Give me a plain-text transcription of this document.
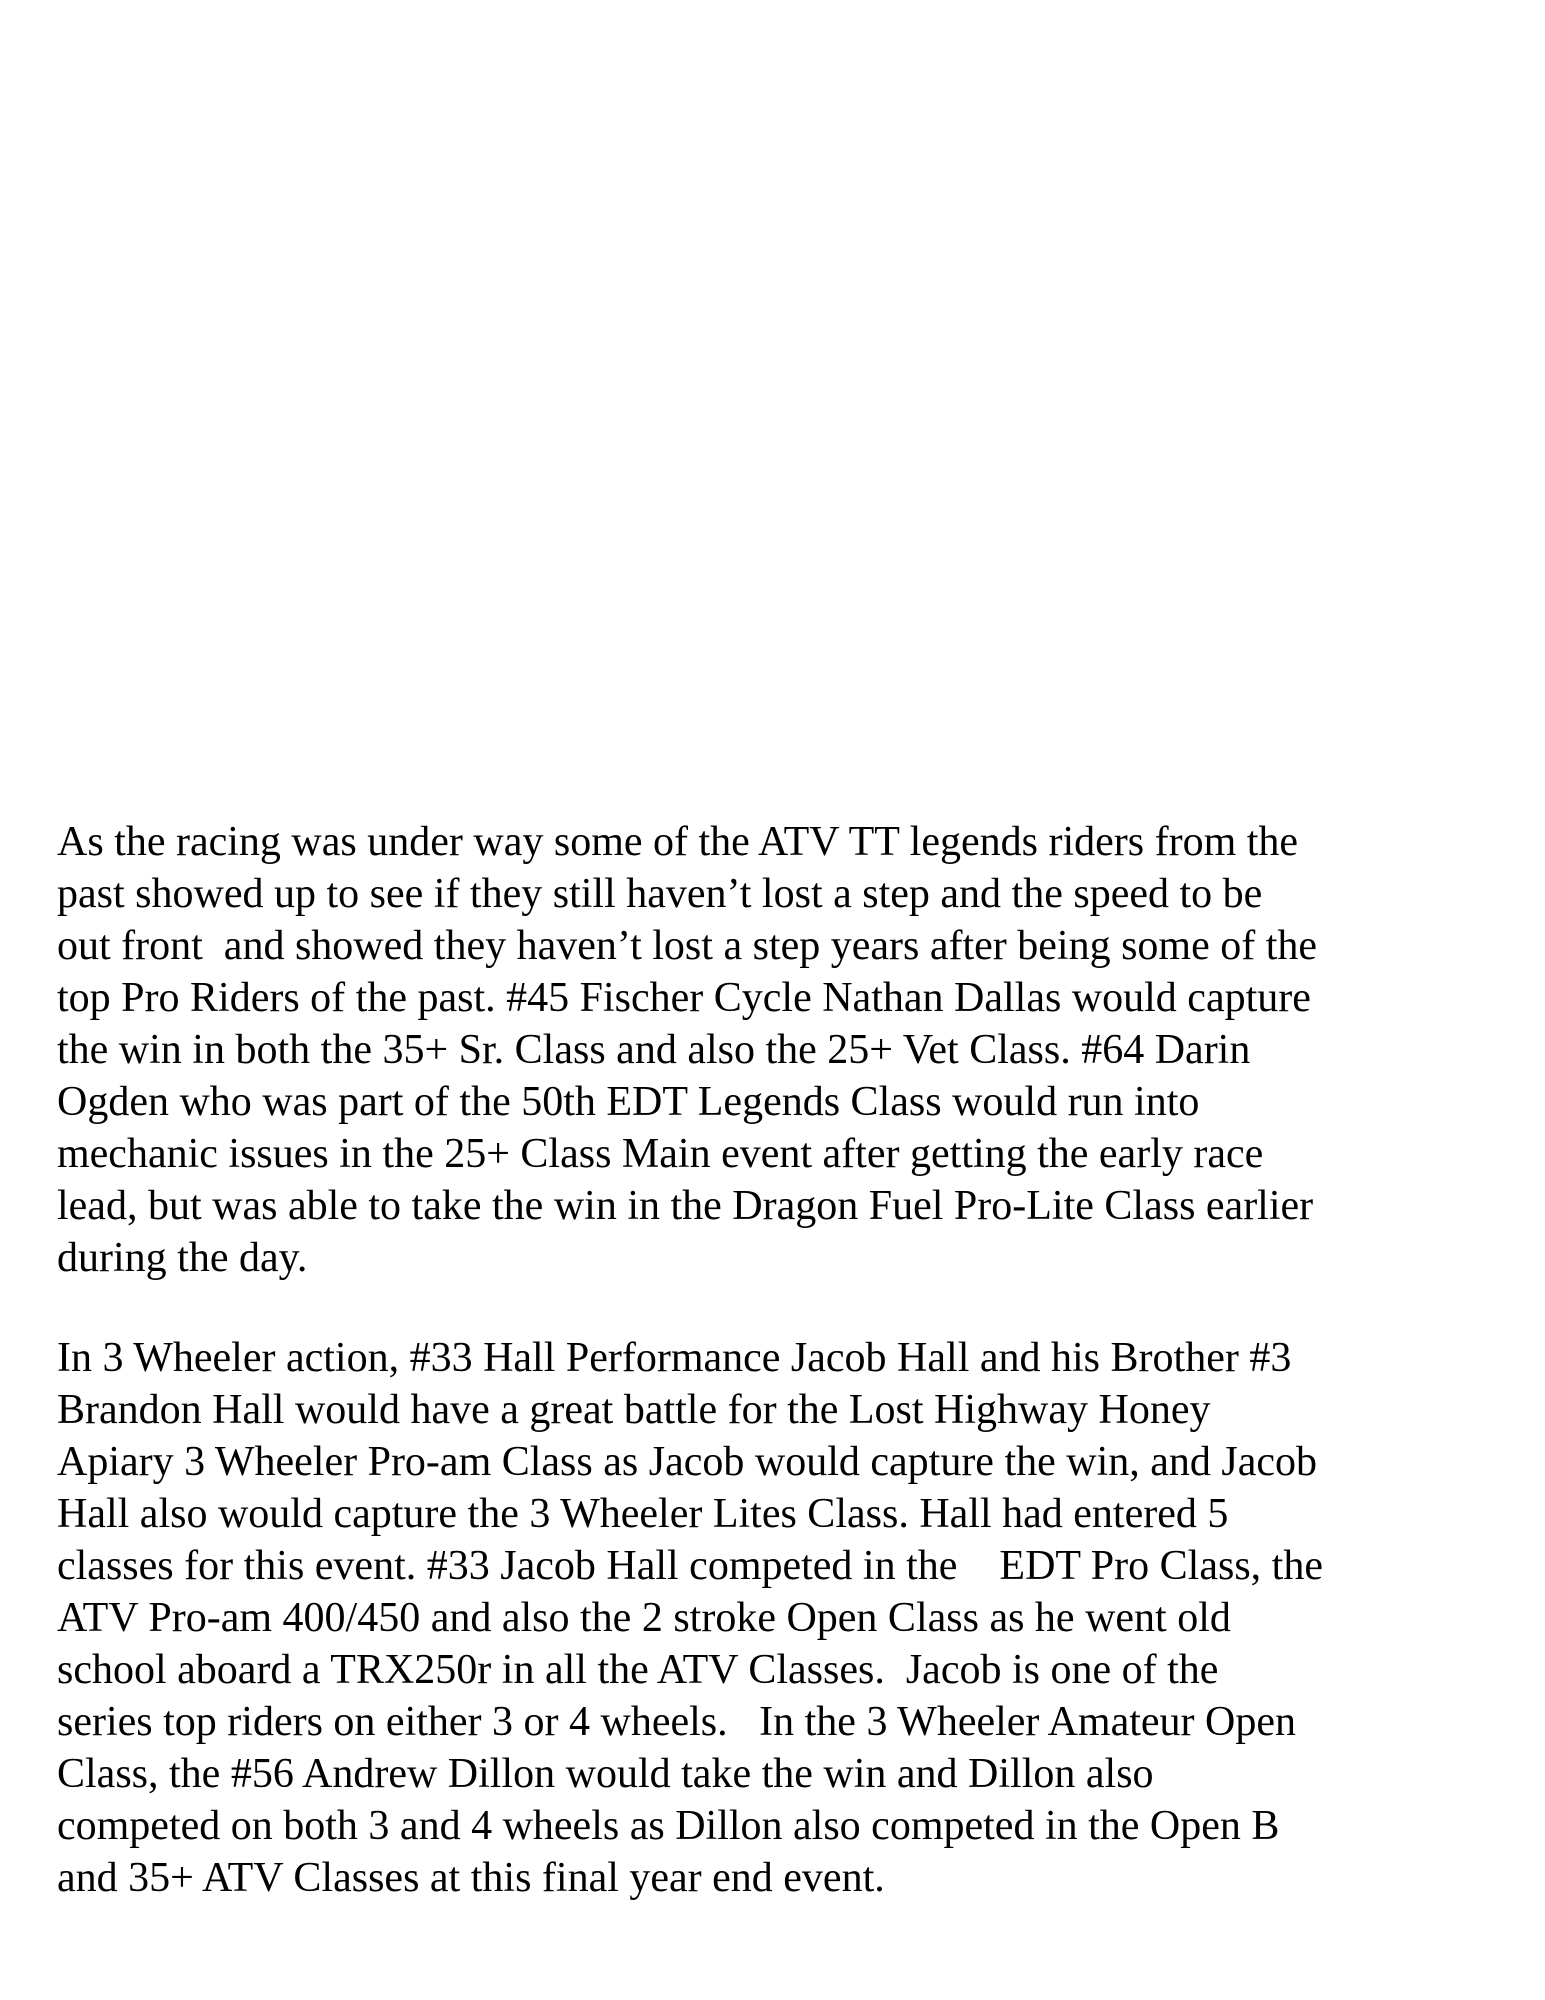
As the racing was under way some of the ATV TT legends riders from the
past showed up to see if they still haven’t lost a step and the speed to be
out front  and showed they haven’t lost a step years after being some of the
top Pro Riders of the past. #45 Fischer Cycle Nathan Dallas would capture
the win in both the 35+ Sr. Class and also the 25+ Vet Class. #64 Darin
Ogden who was part of the 50th EDT Legends Class would run into
mechanic issues in the 25+ Class Main event after getting the early race
lead, but was able to take the win in the Dragon Fuel Pro-Lite Class earlier
during the day.
In 3 Wheeler action, #33 Hall Performance Jacob Hall and his Brother #3
Brandon Hall would have a great battle for the Lost Highway Honey
Apiary 3 Wheeler Pro-am Class as Jacob would capture the win, and Jacob
Hall also would capture the 3 Wheeler Lites Class. Hall had entered 5
classes for this event. #33 Jacob Hall competed in the    EDT Pro Class, the
ATV Pro-am 400/450 and also the 2 stroke Open Class as he went old
school aboard a TRX250r in all the ATV Classes.  Jacob is one of the
series top riders on either 3 or 4 wheels.   In the 3 Wheeler Amateur Open
Class, the #56 Andrew Dillon would take the win and Dillon also
competed on both 3 and 4 wheels as Dillon also competed in the Open B
and 35+ ATV Classes at this final year end event.
